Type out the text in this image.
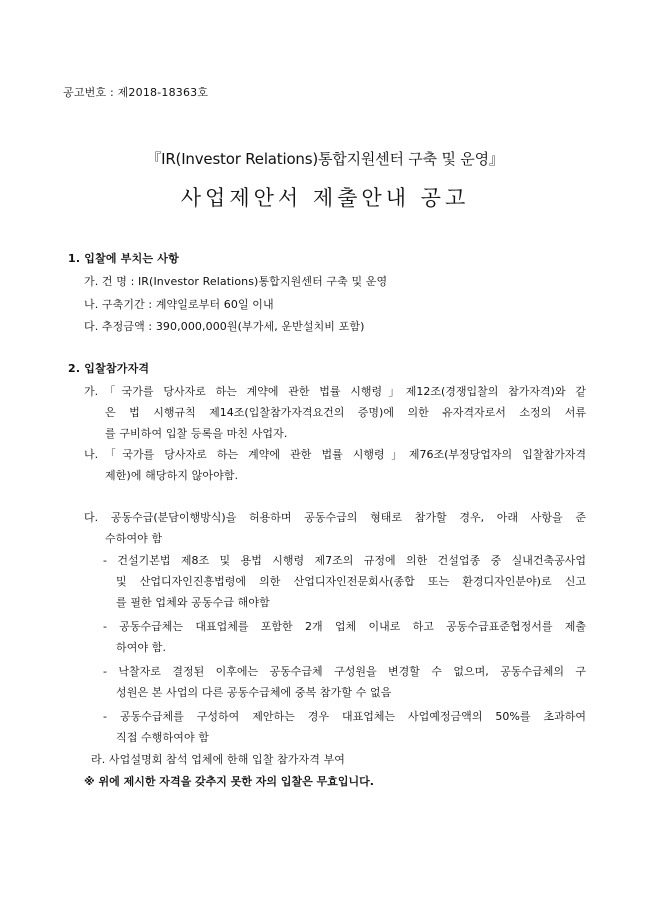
공고번호 : 제2018-18363호
『IR(Investor Relations)통합지원센터 구축 및 운영』
사업제안서 제출안내 공고
1. 입찰에 부치는 사항
가. 건 명 : IR(Investor Relations)통합지원센터 구축 및 운영
나. 구축기간 : 계약일로부터 60일 이내
다. 추정금액 : 390,000,000원(부가세, 운반설치비 포함)
2. 입찰참가자격
가.「국가를 당사자로 하는 계약에 관한 법률 시행령」제12조(경쟁입찰의 참가자격)와 같
은 법 시행규칙 제14조(입찰참가자격요건의 증명)에 의한 유자격자로서 소정의 서류
를 구비하여 입찰 등록을 마친 사업자.
나.「국가를 당사자로 하는 계약에 관한 법률 시행령」제76조(부정당업자의 입찰참가자격
제한)에 해당하지 않아야함.
다. 공동수급(분담이행방식)을 허용하며 공동수급의 형태로 참가할 경우, 아래 사항을 준
수하여야 함
- 건설기본법 제8조 및 용법 시행령 제7조의 규정에 의한 건설업종 중 실내건축공사업
및 산업디자인진흥법령에 의한 산업디자인전문회사(종합 또는 환경디자인분야)로 신고
를 필한 업체와 공동수급 해야함
- 공동수급체는 대표업체를 포함한 2개 업체 이내로 하고 공동수급표준협정서를 제출
하여야 함.
- 낙찰자로 결정된 이후에는 공동수급체 구성원을 변경할 수 없으며, 공동수급체의 구
성원은 본 사업의 다른 공동수급체에 중복 참가할 수 없음
- 공동수급체를 구성하여 제안하는 경우 대표업체는 사업예정금액의 50%를 초과하여
직접 수행하여야 함
라. 사업설명회 참석 업체에 한해 입찰 참가자격 부여
※ 위에 제시한 자격을 갖추지 못한 자의 입찰은 무효입니다.
